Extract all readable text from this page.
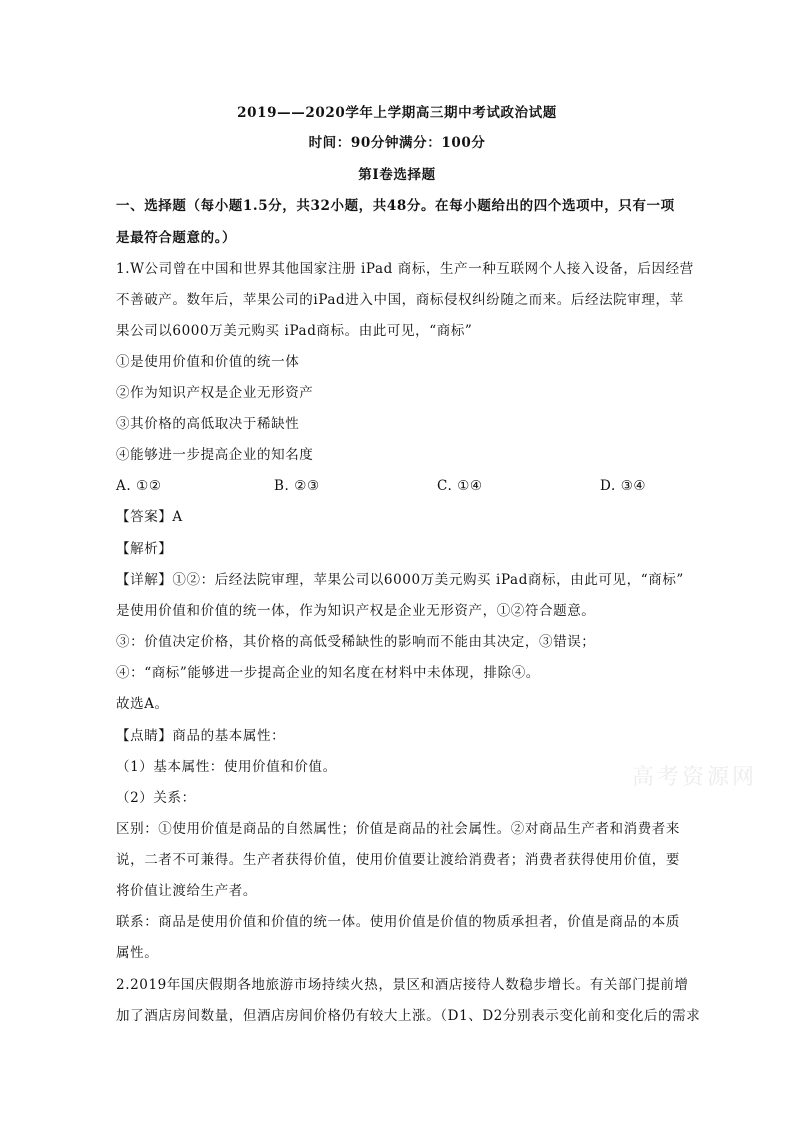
2019——2020学年上学期高三期中考试政治试题
时间：90分钟满分：100分
第Ⅰ卷选择题
一、选择题（每小题1.5分，共32小题，共48分。在每小题给出的四个选项中，只有一项
是最符合题意的。）
1.W公司曾在中国和世界其他国家注册 iPad 商标，生产一种互联网个人接入设备，后因经营
不善破产。数年后，苹果公司的iPad进入中国，商标侵权纠纷随之而来。后经法院审理，苹
果公司以6000万美元购买 iPad商标。由此可见，“商标”
①是使用价值和价值的统一体
②作为知识产权是企业无形资产
③其价格的高低取决于稀缺性
④能够进一步提高企业的知名度
A. ①②	B. ②③	C. ①④	D. ③④
【答案】A
【解析】
【详解】①②：后经法院审理，苹果公司以6000万美元购买 iPad商标，由此可见，“商标”
是使用价值和价值的统一体，作为知识产权是企业无形资产，①②符合题意。
③：价值决定价格，其价格的高低受稀缺性的影响而不能由其决定，③错误；
④：“商标”能够进一步提高企业的知名度在材料中未体现，排除④。
故选A。
【点睛】商品的基本属性：
（1）基本属性：使用价值和价值。
（2）关系：
区别：①使用价值是商品的自然属性；价值是商品的社会属性。②对商品生产者和消费者来
说，二者不可兼得。生产者获得价值，使用价值要让渡给消费者；消费者获得使用价值，要
将价值让渡给生产者。
联系：商品是使用价值和价值的统一体。使用价值是价值的物质承担者，价值是商品的本质
属性。
2.2019年国庆假期各地旅游市场持续火热，景区和酒店接待人数稳步增长。有关部门提前增
加了酒店房间数量，但酒店房间价格仍有较大上涨。（D1、D2分别表示变化前和变化后的需求
高考资源网
